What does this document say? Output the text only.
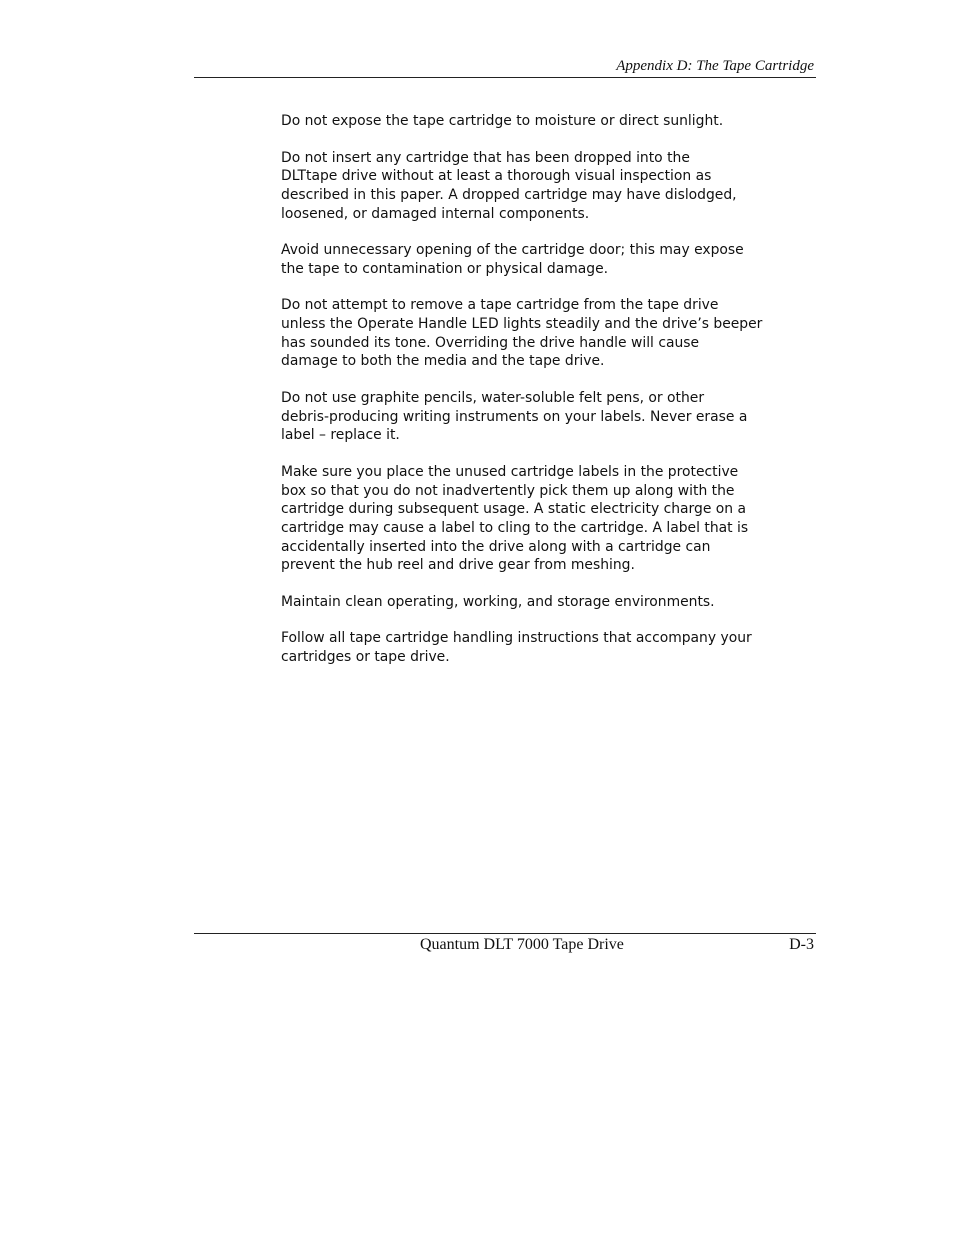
Appendix D: The Tape Cartridge
Do not expose the tape cartridge to moisture or direct sunlight.
Do not insert any cartridge that has been dropped into the
DLTtape drive without at least a thorough visual inspection as
described in this paper. A dropped cartridge may have dislodged,
loosened, or damaged internal components.
Avoid unnecessary opening of the cartridge door; this may expose
the tape to contamination or physical damage.
Do not attempt to remove a tape cartridge from the tape drive
unless the Operate Handle LED lights steadily and the drive’s beeper
has sounded its tone. Overriding the drive handle will cause
damage to both the media and the tape drive.
Do not use graphite pencils, water-soluble felt pens, or other
debris-producing writing instruments on your labels. Never erase a
label – replace it.
Make sure you place the unused cartridge labels in the protective
box so that you do not inadvertently pick them up along with the
cartridge during subsequent usage. A static electricity charge on a
cartridge may cause a label to cling to the cartridge. A label that is
accidentally inserted into the drive along with a cartridge can
prevent the hub reel and drive gear from meshing.
Maintain clean operating, working, and storage environments.
Follow all tape cartridge handling instructions that accompany your
cartridges or tape drive.
Quantum DLT 7000 Tape Drive	D-3
